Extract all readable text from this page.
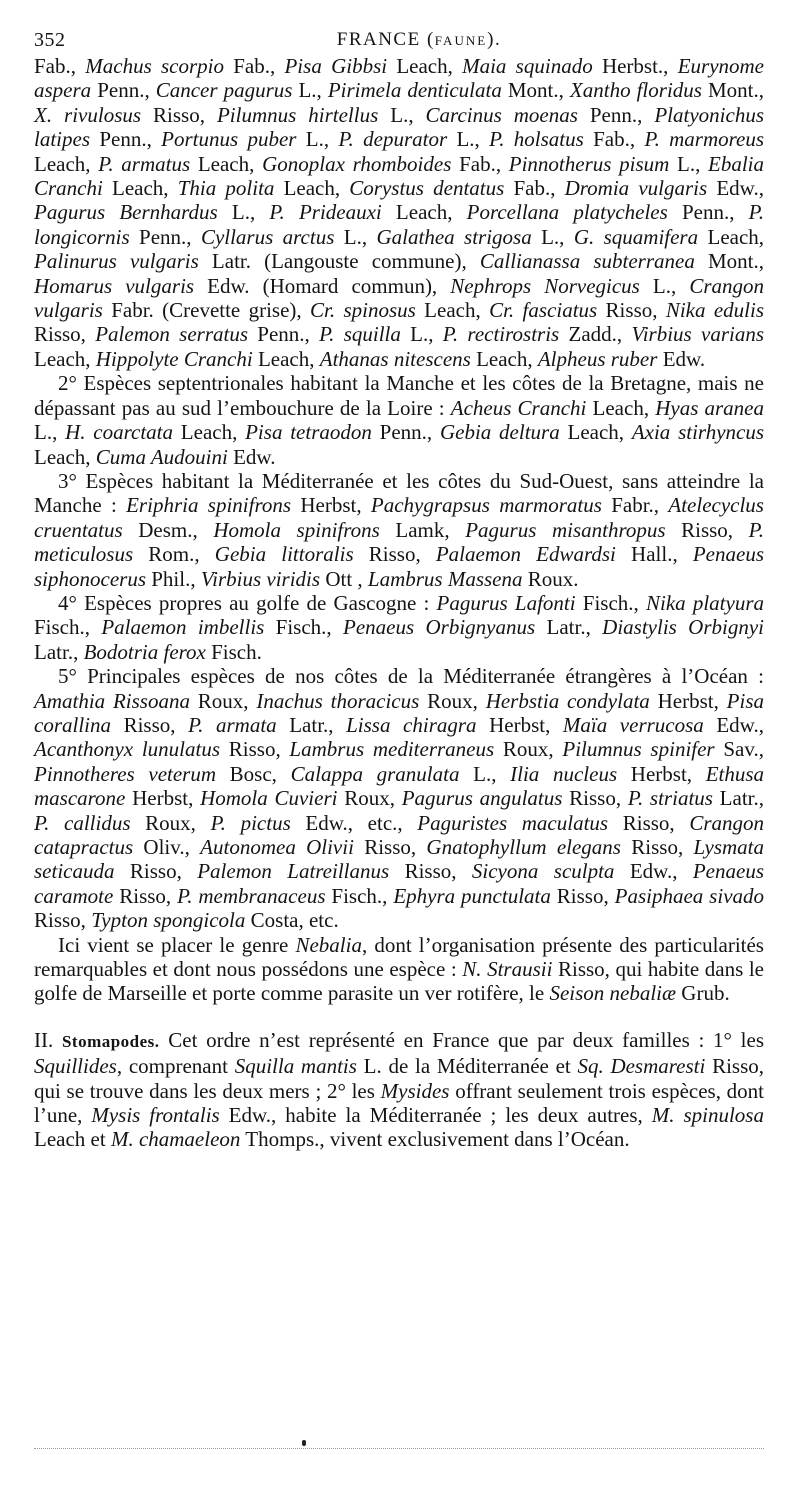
352	FRANCE (FAUNE).

Fab., Machus scorpio Fab., Pisa Gibbsi Leach, Maia squinado Herbst., Eurynome aspera Penn., Cancer pagurus L., Pirimela denticulata Mont., Xantho floridus Mont., X. rivulosus Risso, Pilumnus hirtellus L., Carcinus moenas Penn., Platyonichus latipes Penn., Portunus puber L., P. depurator L., P. holsatus Fab., P. marmoreus Leach, P. armatus Leach, Gonoplax rhomboides Fab., Pinnotherus pisum L., Ebalia Cranchi Leach, Thia polita Leach, Corystus dentatus Fab., Dromia vulgaris Edw., Pagurus Bernhardus L., P. Prideauxi Leach, Porcellana platycheles Penn., P. longicornis Penn., Cyllarus arctus L., Galathea strigosa L., G. squamifera Leach, Palinurus vulgaris Latr. (Langouste commune), Callianassa subterranea Mont., Homarus vulgaris Edw. (Homard commun), Nephrops Norvegicus L., Crangon vulgaris Fabr. (Crevette grise), Cr. spinosus Leach, Cr. fasciatus Risso, Nika edulis Risso, Palemon serratus Penn., P. squilla L., P. rectirostris Zadd., Virbius varians Leach, Hippolyte Cranchi Leach, Athanas nitescens Leach, Alpheus ruber Edw.

2° Espèces septentrionales habitant la Manche et les côtes de la Bretagne, mais ne dépassant pas au sud l’embouchure de la Loire : Acheus Cranchi Leach, Hyas aranea L., H. coarctata Leach, Pisa tetraodon Penn., Gebia deltura Leach, Axia stirhyncus Leach, Cuma Audouini Edw.

3° Espèces habitant la Méditerranée et les côtes du Sud-Ouest, sans atteindre la Manche : Eriphria spinifrons Herbst, Pachygrapsus marmoratus Fabr., Atelecyclus cruentatus Desm., Homola spinifrons Lamk, Pagurus misanthropus Risso, P. meticulosus Rom., Gebia littoralis Risso, Palaemon Edwardsi Hall., Penaeus siphonocerus Phil., Virbius viridis Ott , Lambrus Massena Roux.

4° Espèces propres au golfe de Gascogne : Pagurus Lafonti Fisch., Nika platyura Fisch., Palaemon imbellis Fisch., Penaeus Orbignyanus Latr., Diastylis Orbignyi Latr., Bodotria ferox Fisch.

5° Principales espèces de nos côtes de la Méditerranée étrangères à l’Océan : Amathia Rissoana Roux, Inachus thoracicus Roux, Herbstia condylata Herbst, Pisa corallina Risso, P. armata Latr., Lissa chiragra Herbst, Maïa verrucosa Edw., Acanthonyx lunulatus Risso, Lambrus mediterraneus Roux, Pilumnus spinifer Sav., Pinnotheres veterum Bosc, Calappa granulata L., Ilia nucleus Herbst, Ethusa mascarone Herbst, Homola Cuvieri Roux, Pagurus angulatus Risso, P. striatus Latr., P. callidus Roux, P. pictus Edw., etc., Paguristes maculatus Risso, Crangon catapractus Oliv., Autonomea Olivii Risso, Gnatophyllum elegans Risso, Lysmata seticauda Risso, Palemon Latreillanus Risso, Sicyona sculpta Edw., Penaeus caramote Risso, P. membranaceus Fisch., Ephyra punctulata Risso, Pasiphaea sivado Risso, Typton spongicola Costa, etc.

Ici vient se placer le genre Nebalia, dont l’organisation présente des particularités remarquables et dont nous possédons une espèce : N. Strausii Risso, qui habite dans le golfe de Marseille et porte comme parasite un ver rotifère, le Seison nebaliæ Grub.

II. Stomapodes. Cet ordre n’est représenté en France que par deux familles : 1° les Squillides, comprenant Squilla mantis L. de la Méditerranée et Sq. Desmaresti Risso, qui se trouve dans les deux mers ; 2° les Mysides offrant seulement trois espèces, dont l’une, Mysis frontalis Edw., habite la Méditerranée ; les deux autres, M. spinulosa Leach et M. chamaeleon Thomps., vivent exclusivement dans l’Océan.
